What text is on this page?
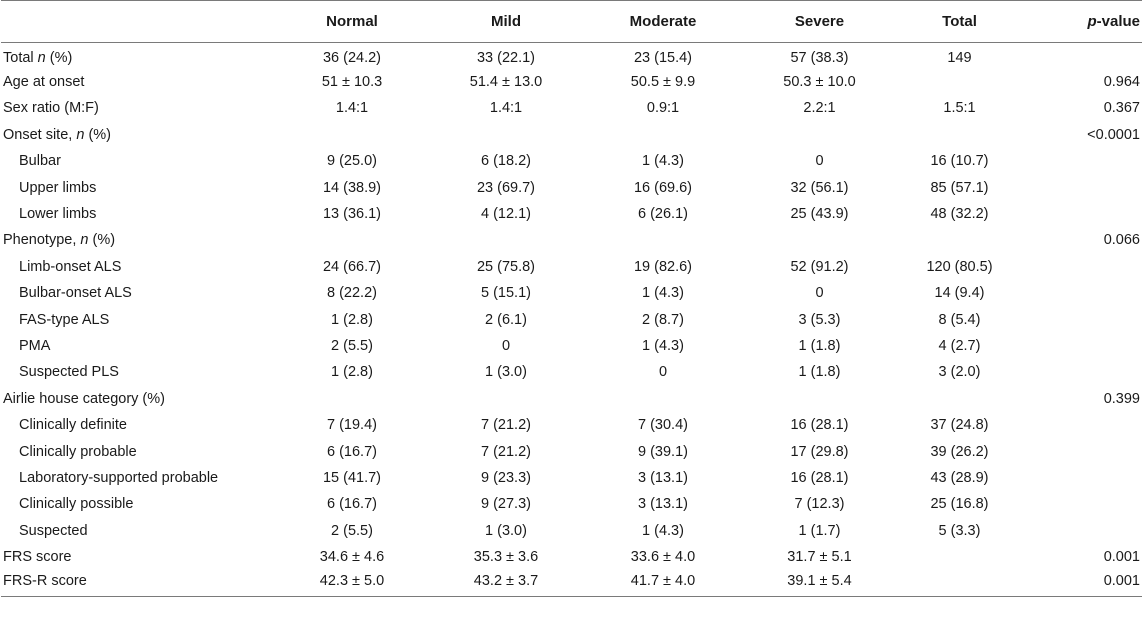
	Normal	Mild	Moderate	Severe	Total	p-value
Total n (%)	36 (24.2)	33 (22.1)	23 (15.4)	57 (38.3)	149	
Age at onset	51 ± 10.3	51.4 ± 13.0	50.5 ± 9.9	50.3 ± 10.0		0.964
Sex ratio (M:F)	1.4:1	1.4:1	0.9:1	2.2:1	1.5:1	0.367
Onset site, n (%)						<0.0001
Bulbar	9 (25.0)	6 (18.2)	1 (4.3)	0	16 (10.7)	
Upper limbs	14 (38.9)	23 (69.7)	16 (69.6)	32 (56.1)	85 (57.1)	
Lower limbs	13 (36.1)	4 (12.1)	6 (26.1)	25 (43.9)	48 (32.2)	
Phenotype, n (%)						0.066
Limb-onset ALS	24 (66.7)	25 (75.8)	19 (82.6)	52 (91.2)	120 (80.5)	
Bulbar-onset ALS	8 (22.2)	5 (15.1)	1 (4.3)	0	14 (9.4)	
FAS-type ALS	1 (2.8)	2 (6.1)	2 (8.7)	3 (5.3)	8 (5.4)	
PMA	2 (5.5)	0	1 (4.3)	1 (1.8)	4 (2.7)	
Suspected PLS	1 (2.8)	1 (3.0)	0	1 (1.8)	3 (2.0)	
Airlie house category (%)						0.399
Clinically definite	7 (19.4)	7 (21.2)	7 (30.4)	16 (28.1)	37 (24.8)	
Clinically probable	6 (16.7)	7 (21.2)	9 (39.1)	17 (29.8)	39 (26.2)	
Laboratory-supported probable	15 (41.7)	9 (23.3)	3 (13.1)	16 (28.1)	43 (28.9)	
Clinically possible	6 (16.7)	9 (27.3)	3 (13.1)	7 (12.3)	25 (16.8)	
Suspected	2 (5.5)	1 (3.0)	1 (4.3)	1 (1.7)	5 (3.3)	
FRS score	34.6 ± 4.6	35.3 ± 3.6	33.6 ± 4.0	31.7 ± 5.1		0.001
FRS-R score	42.3 ± 5.0	43.2 ± 3.7	41.7 ± 4.0	39.1 ± 5.4		0.001
